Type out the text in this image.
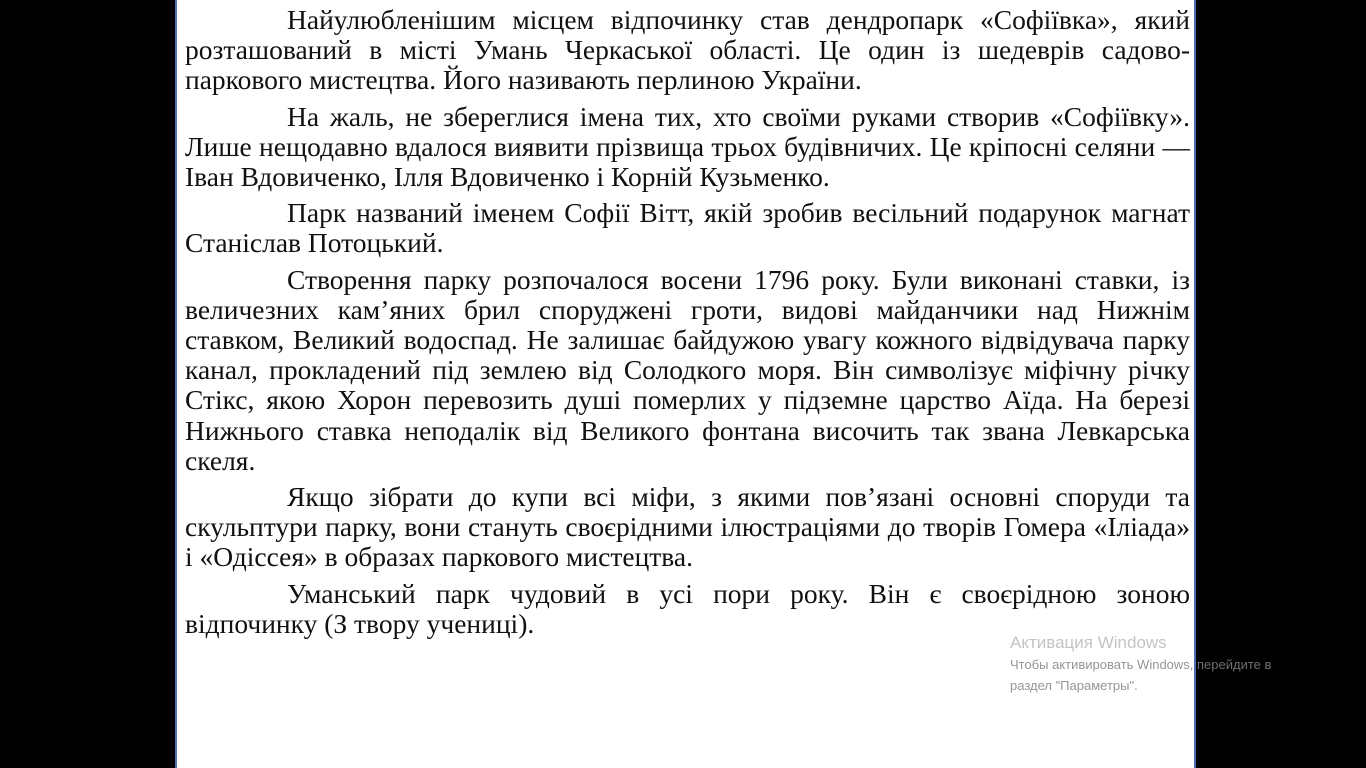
Найулюбленішим місцем відпочинку став дендропарк «Софіївка», який розташований в місті Умань Черкаської області. Це один із шедеврів садово-паркового мистецтва. Його називають перлиною України.

На жаль, не збереглися імена тих, хто своїми руками створив «Софіївку». Лише нещодавно вдалося виявити прізвища трьох будівничих. Це кріпосні селяни — Іван Вдовиченко, Ілля Вдовиченко і Корній Кузьменко.

Парк названий іменем Софії Вітт, якій зробив весільний подарунок магнат Станіслав Потоцький.

Створення парку розпочалося восени 1796 року. Були виконані ставки, із величезних кам’яних брил споруджені гроти, видові майданчики над Нижнім ставком, Великий водоспад. Не залишає байдужою увагу кожного відвідувача парку канал, прокладений під землею від Солодкого моря. Він символізує міфічну річку Стікс, якою Хорон перевозить душі померлих у підземне царство Аїда. На березі Нижнього ставка неподалік від Великого фонтана височить так звана Левкарська скеля.

Якщо зібрати до купи всі міфи, з якими пов’язані основні споруди та скульптури парку, вони стануть своєрідними ілюстраціями до творів Гомера «Іліада» і «Одіссея» в образах паркового мистецтва.

Уманський парк чудовий в усі пори року. Він є своєрідною зоною відпочинку (З твору учениці).

Активация Windows
Чтобы активировать Windows, перейдите в
раздел "Параметры".
